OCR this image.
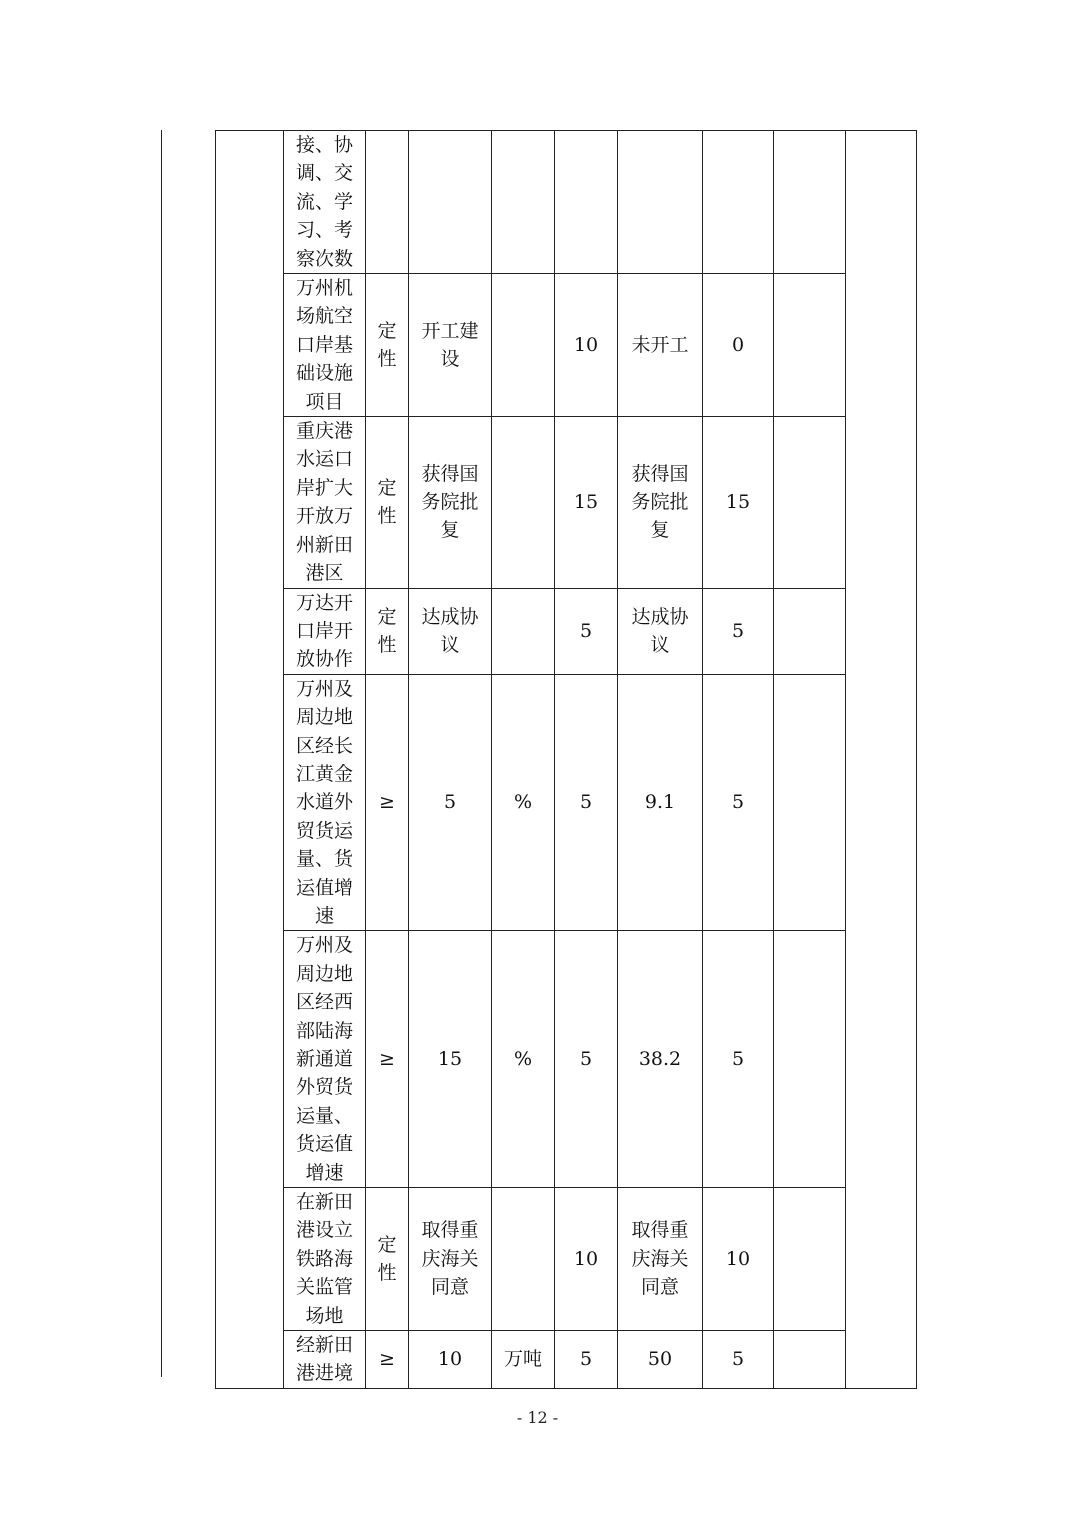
	接、协调、交流、学习、考察次数								

	万州机场航空口岸基础设施项目	定性	开工建设		10	未开工	0		

	重庆港水运口岸扩大开放万州新田港区	定性	获得国务院批复		15	获得国务院批复	15		

	万达开口岸开放协作	定性	达成协议		5	达成协议	5		

	万州及周边地区经长江黄金水道外贸货运量、货运值增速	≥	5	%	5	9.1	5		

	万州及周边地区经西部陆海新通道外贸货运量、货运值增速	≥	15	%	5	38.2	5		

	在新田港设立铁路海关监管场地	定性	取得重庆海关同意		10	取得重庆海关同意	10		

	经新田港进境	≥	10	万吨	5	50	5		
- 12 -
